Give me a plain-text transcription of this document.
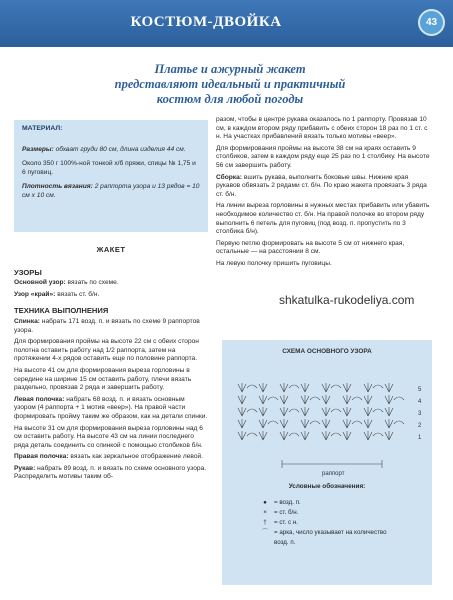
КОСТЮМ-ДВОЙКА	43
Платье и ажурный жакет
представляют идеальный и практичный
костюм для любой погоды
МАТЕРИАЛ:

Размеры: обхват груди 80 см, длина изделия 44 см.

Около 350 г 100%-ной тонкой х/б пряжи, спицы № 1,75 и 6 пуговиц.

Плотность вязания: 2 раппорта узора и 13 рядов = 10 см х 10 см.

ЖАКЕТ
УЗОРЫ
Основной узор: вязать по схеме.
Узор «край»: вязать ст. б/н.
ТЕХНИКА ВЫПОЛНЕНИЯ
Спинка: набрать 171 возд. п. и вязать по схеме 9 раппортов узора.
Для формирования проймы на высоте 22 см с обеих сторон полотна оставить работу над 1/2 раппорта, затем на протяжении 4-х рядов оставить еще по половине раппорта.
На высоте 41 см для формирования выреза горловины в середине на ширине 15 см оставить работу, плечи вязать раздельно, провязав 2 ряда и завершить работу.
Левая полочка: набрать 68 возд. п. и вязать основным узором (4 раппорта + 1 мотив «веер»). На правой части формировать пройму таким же образом, как на детали спинки.
На высоте 31 см для формирования выреза горловины над 6 см оставить работу. На высоте 43 см на линии последнего ряда деталь соединить со спинкой с помощью столбиков б/н.
Правая полочка: вязать как зеркальное отображение левой.
Рукав: набрать 89 возд. п. и вязать по схеме основного узора. Распределить мотивы таким об-
разом, чтобы в центре рукава оказалось по 1 раппорту. Провязав 10 см, в каждом втором ряду прибавить с обеих сторон 18 раз по 1 ст. с н. На участках прибавлений вязать только мотивы «веер».
Для формирования проймы на высоте 38 см на краях оставить 9 столбиков, затем в каждом ряду еще 25 раз по 1 столбику. На высоте 56 см завершить работу.
Сборка: вшить рукава, выполнить боковые швы. Нижние края рукавов обвязать 2 рядами ст. б/н. По краю жакета провязать 3 ряда ст. б/н.
На линии выреза горловины в нужных местах прибавить или убавить необходимое количество ст. б/н. На правой полочке во втором ряду выполнить 6 петель для пуговиц (под возд. п. пропустить по 3 столбика б/н).
Первую петлю формировать на высоте 5 см от нижнего края, остальные — на расстоянии 8 см.
На левую полочку пришить пуговицы.
shkatulka-rukodeliya.com
СХЕМА ОСНОВНОГО УЗОРА
5
4
3
2
1
раппорт
Условные обозначения:
●	= возд. п.
×	= ст. б/н.
†	= ст. с н.
⌒ = арка, число указывает на количество возд. п.
